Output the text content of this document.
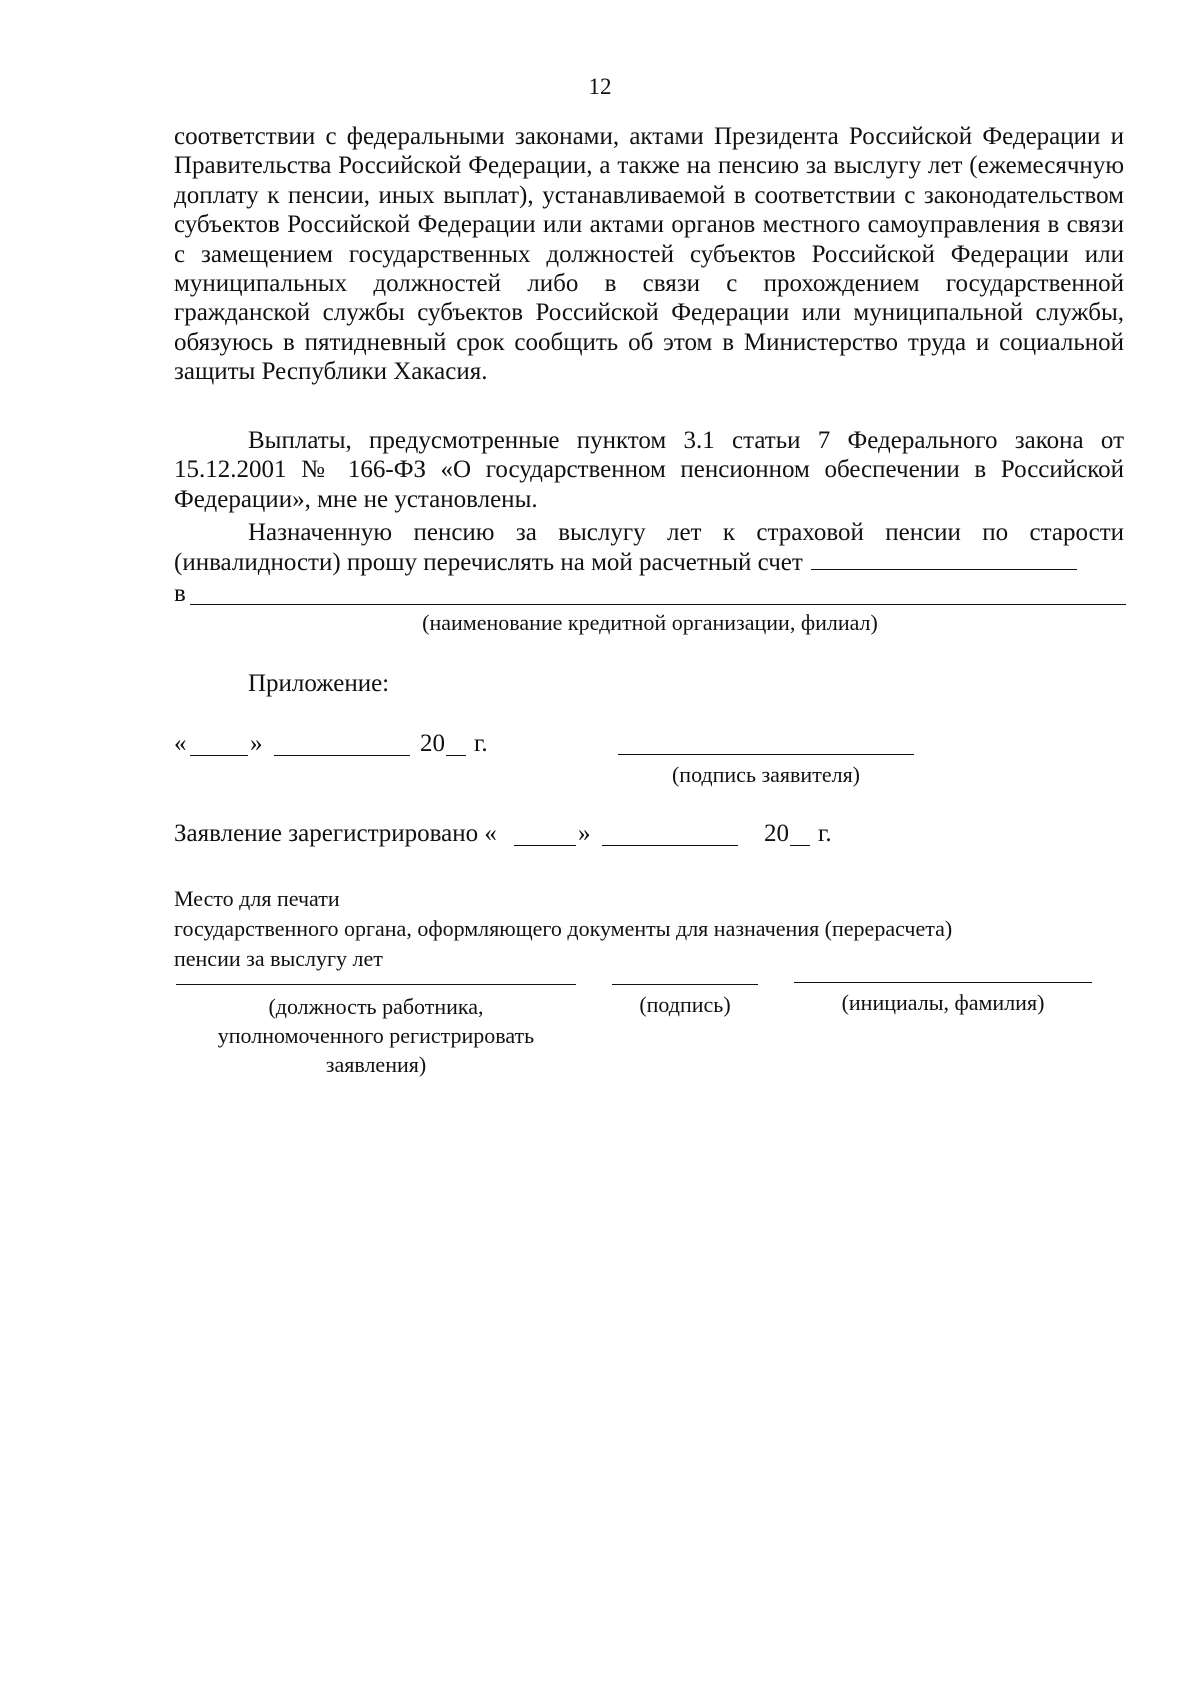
12

соответствии с федеральными законами, актами Президента Российской Федерации и Правительства Российской Федерации, а также на пенсию за выслугу лет (ежемесячную доплату к пенсии, иных выплат), устанавливаемой в соответствии с законодательством субъектов Российской Федерации или актами органов местного самоуправления в связи с замещением государственных должностей субъектов Российской Федерации или муниципальных должностей либо в связи с прохождением государственной гражданской службы субъектов Российской Федерации или муниципальной службы, обязуюсь в пятидневный срок сообщить об этом в Министерство труда и социальной защиты Республики Хакасия.

Выплаты, предусмотренные пунктом 3.1 статьи 7 Федерального закона от 15.12.2001 № 166-ФЗ «О государственном пенсионном обеспечении в Российской Федерации», мне не установлены.

Назначенную пенсию за выслугу лет к страховой пенсии по старости (инвалидности) прошу перечислять на мой расчетный счет

в
(наименование кредитной организации, филиал)
Приложение:
«	»	20 г.
(подпись заявителя)
Заявление зарегистрировано «	»	20 г.
Место для печати
государственного органа, оформляющего документы для назначения (перерасчета)
пенсии за выслугу лет
(должность работника,
уполномоченного регистрировать
заявления)
(подпись)	(инициалы, фамилия)
